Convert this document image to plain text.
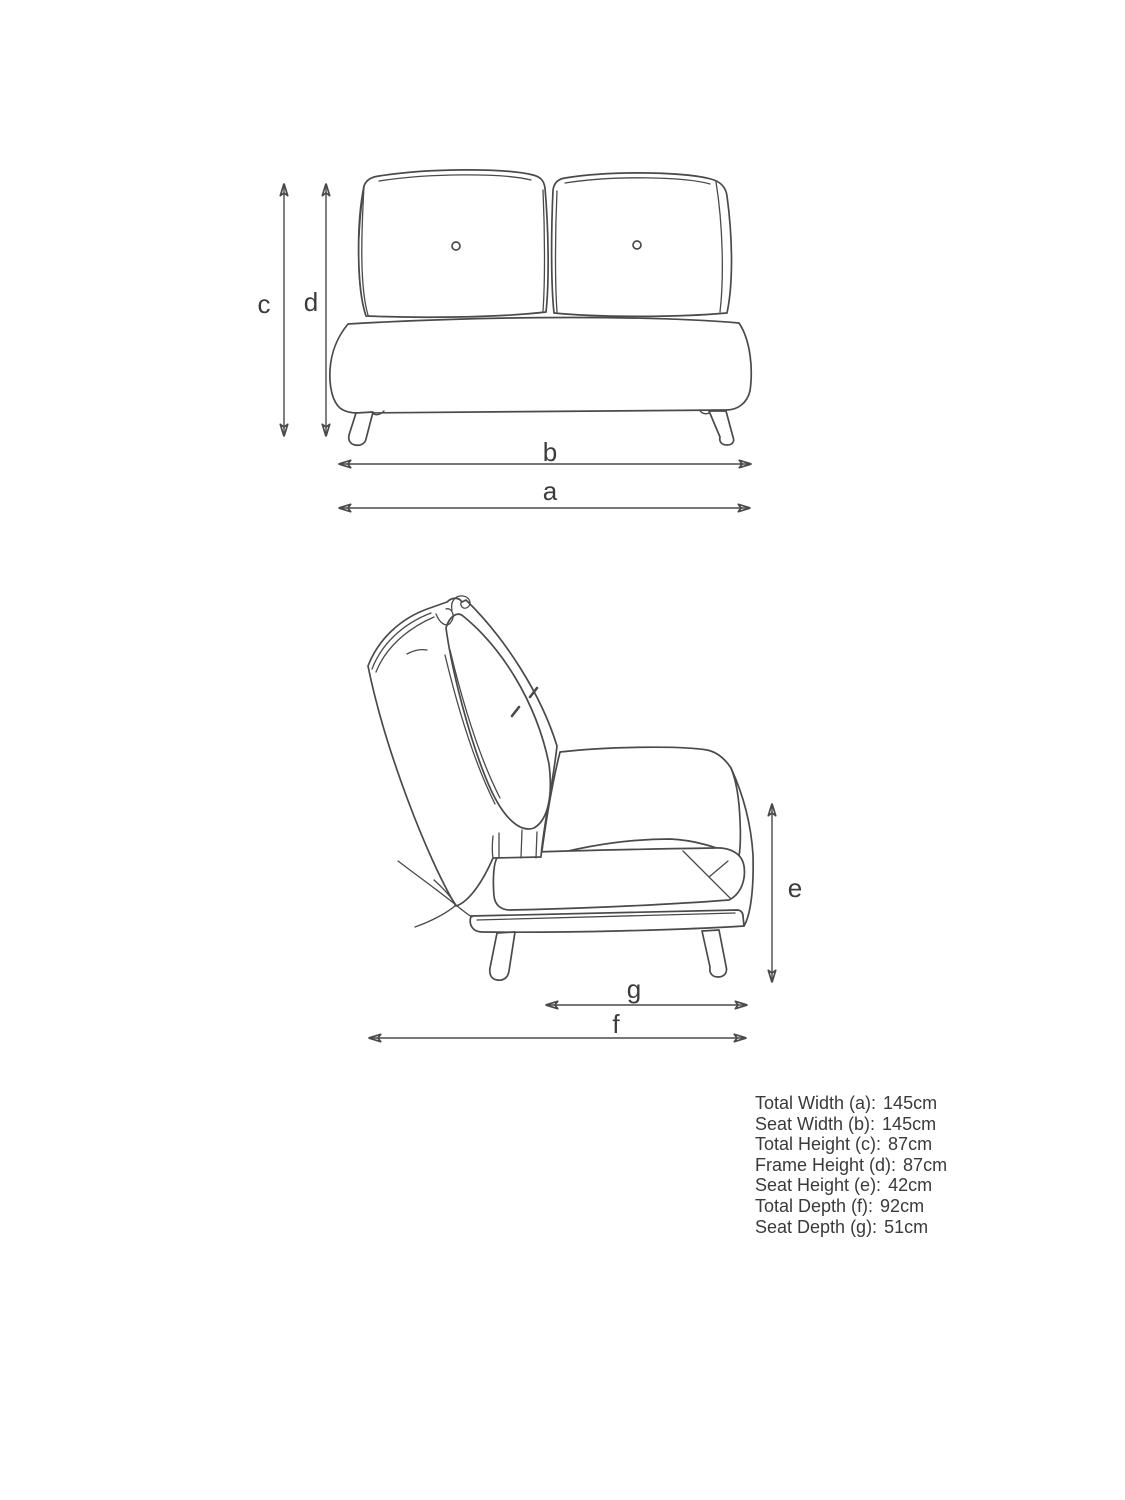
c d
b
a
e
g
f
Total Width (a): 145cm
Seat Width (b): 145cm
Total Height (c): 87cm
Frame Height (d): 87cm
Seat Height (e): 42cm
Total Depth (f): 92cm
Seat Depth (g): 51cm
